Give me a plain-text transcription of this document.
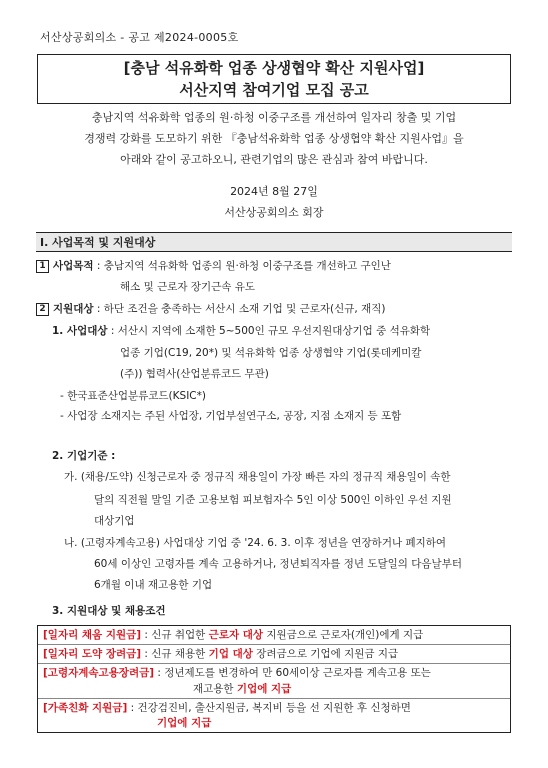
서산상공회의소 - 공고 제2024-0005호
[충남 석유화학 업종 상생협약 확산 지원사업]
서산지역 참여기업 모집 공고
충남지역 석유화학 업종의 원·하청 이중구조를 개선하여 일자리 창출 및 기업
경쟁력 강화를 도모하기 위한 『충남석유화학 업종 상생협약 확산 지원사업』을
아래와 같이 공고하오니, 관련기업의 많은 관심과 참여 바랍니다.
2024년 8월 27일
서산상공회의소 회장
Ⅰ. 사업목적 및 지원대상
1 사업목적 : 충남지역 석유화학 업종의 원·하청 이중구조를 개선하고 구인난
해소 및 근로자 장기근속 유도
2 지원대상 : 하단 조건을 충족하는 서산시 소재 기업 및 근로자(신규, 재직)
1. 사업대상 : 서산시 지역에 소재한 5~500인 규모 우선지원대상기업 중 석유화학
업종 기업(C19, 20*) 및 석유화학 업종 상생협약 기업(롯데케미칼
(주)) 협력사(산업분류코드 무관)
- 한국표준산업분류코드(KSIC*)
- 사업장 소재지는 주된 사업장, 기업부설연구소, 공장, 지점 소재지 등 포함
2. 기업기준 :
가. (채용/도약) 신청근로자 중 정규직 채용일이 가장 빠른 자의 정규직 채용일이 속한
달의 직전월 말일 기준 고용보험 피보험자수 5인 이상 500인 이하인 우선 지원
대상기업
나. (고령자계속고용) 사업대상 기업 중 '24. 6. 3. 이후 정년을 연장하거나 폐지하여
60세 이상인 고령자를 계속 고용하거나, 정년퇴직자를 정년 도달일의 다음날부터
6개월 이내 재고용한 기업
3. 지원대상 및 채용조건
[일자리 채움 지원금] : 신규 취업한 근로자 대상 지원금으로 근로자(개인)에게 지급
[일자리 도약 장려금] : 신규 채용한 기업 대상 장려금으로 기업에 지원금 지급
[고령자계속고용장려금] : 정년제도를 변경하여 만 60세이상 근로자를 계속고용 또는
재고용한 기업에 지급
[가족친화 지원금] : 건강검진비, 출산지원금, 복지비 등을 선 지원한 후 신청하면
기업에 지급
